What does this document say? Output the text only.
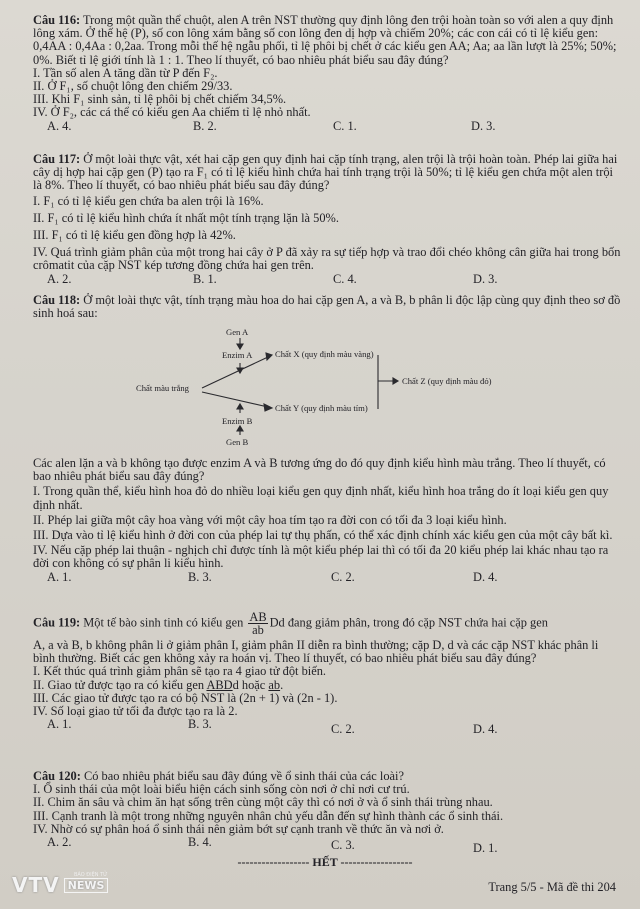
Câu 116: Trong một quần thể chuột, alen A trên NST thường quy định lông đen trội hoàn toàn so với alen a quy định lông xám. Ở thế hệ (P), số con lông xám bằng số con lông đen dị hợp và chiếm 20%; các con cái có tỉ lệ kiểu gen: 0,4AA : 0,4Aa : 0,2aa. Trong mỗi thế hệ ngẫu phối, tỉ lệ phôi bị chết ở các kiểu gen AA; Aa; aa lần lượt là 25%; 50%; 0%. Biết tỉ lệ giới tính là 1 : 1. Theo lí thuyết, có bao nhiêu phát biểu sau đây đúng?

I. Tần số alen A tăng dần từ P đến F₂.

II. Ở F₁, số chuột lông đen chiếm 29/33.

III. Khi F₁ sinh sản, tỉ lệ phôi bị chết chiếm 34,5%.

IV. Ở F₂, các cá thể có kiểu gen Aa chiếm tỉ lệ nhỏ nhất.

A. 4.	B. 2.	C. 1.	D. 3.

Câu 117: Ở một loài thực vật, xét hai cặp gen quy định hai cặp tính trạng, alen trội là trội hoàn toàn. Phép lai giữa hai cây dị hợp hai cặp gen (P) tạo ra F₁ có tỉ lệ kiểu hình chứa hai tính trạng trội là 50%; tỉ lệ kiểu gen chứa một alen trội là 8%. Theo lí thuyết, có bao nhiêu phát biểu sau đây đúng?

I. F₁ có tỉ lệ kiểu gen chứa ba alen trội là 16%.

II. F₁ có tỉ lệ kiểu hình chứa ít nhất một tính trạng lặn là 50%.

III. F₁ có tỉ lệ kiểu gen đồng hợp là 42%.

IV. Quá trình giảm phân của một trong hai cây ở P đã xảy ra sự tiếp hợp và trao đổi chéo không cân giữa hai trong bốn crômatit của cặp NST kép tương đồng chứa hai gen trên.

A. 2.	B. 1.	C. 4.	D. 3.

Câu 118: Ở một loài thực vật, tính trạng màu hoa do hai cặp gen A, a và B, b phân li độc lập cùng quy định theo sơ đồ sinh hoá sau:

Gen A
Enzim A	Chất X (quy định màu vàng)
Chất màu trắng
Chất Z (quy định màu đỏ)
Chất Y (quy định màu tím)
Enzim B
Gen B

Các alen lặn a và b không tạo được enzim A và B tương ứng do đó quy định kiểu hình màu trắng. Theo lí thuyết, có bao nhiêu phát biểu sau đây đúng?

I. Trong quần thể, kiểu hình hoa đỏ do nhiều loại kiểu gen quy định nhất, kiểu hình hoa trắng do ít loại kiểu gen quy định nhất.

II. Phép lai giữa một cây hoa vàng với một cây hoa tím tạo ra đời con có tối đa 3 loại kiểu hình.

III. Dựa vào tỉ lệ kiểu hình ở đời con của phép lai tự thụ phấn, có thể xác định chính xác kiểu gen của một cây bất kì.

IV. Nếu cặp phép lai thuận - nghịch chỉ được tính là một kiểu phép lai thì có tối đa 20 kiểu phép lai khác nhau tạo ra đời con không có sự phân li kiểu hình.

A. 1.	B. 3.	C. 2.	D. 4.

Câu 119: Một tế bào sinh tinh có kiểu gen $\frac{AB}{ab}$ Dd đang giảm phân, trong đó cặp NST chứa hai cặp gen

A, a và B, b không phân li ở giảm phân I, giảm phân II diễn ra bình thường; cặp D, d và các cặp NST khác phân li bình thường. Biết các gen không xảy ra hoán vị. Theo lí thuyết, có bao nhiêu phát biểu sau đây đúng?

I. Kết thúc quá trình giảm phân sẽ tạo ra 4 giao tử đột biến.

II. Giao tử được tạo ra có kiểu gen ABDd hoặc ab.

III. Các giao tử được tạo ra có bộ NST là (2n + 1) và (2n - 1).

IV. Số loại giao tử tối đa được tạo ra là 2.

A. 1.	B. 3.	C. 2.	D. 4.

Câu 120: Có bao nhiêu phát biểu sau đây đúng về ổ sinh thái của các loài?

I. Ổ sinh thái của một loài biểu hiện cách sinh sống còn nơi ở chỉ nơi cư trú.

II. Chim ăn sâu và chim ăn hạt sống trên cùng một cây thì có nơi ở và ổ sinh thái trùng nhau.

III. Cạnh tranh là một trong những nguyên nhân chủ yếu dẫn đến sự hình thành các ổ sinh thái.

IV. Nhờ có sự phân hoá ổ sinh thái nên giảm bớt sự cạnh tranh về thức ăn và nơi ở.

A. 2.	B. 4.	C. 3.	D. 1.
------------------ HẾT ------------------
Trang 5/5 - Mã đề thi 204
VTV NEWS
BÁO ĐIỆN TỬ
